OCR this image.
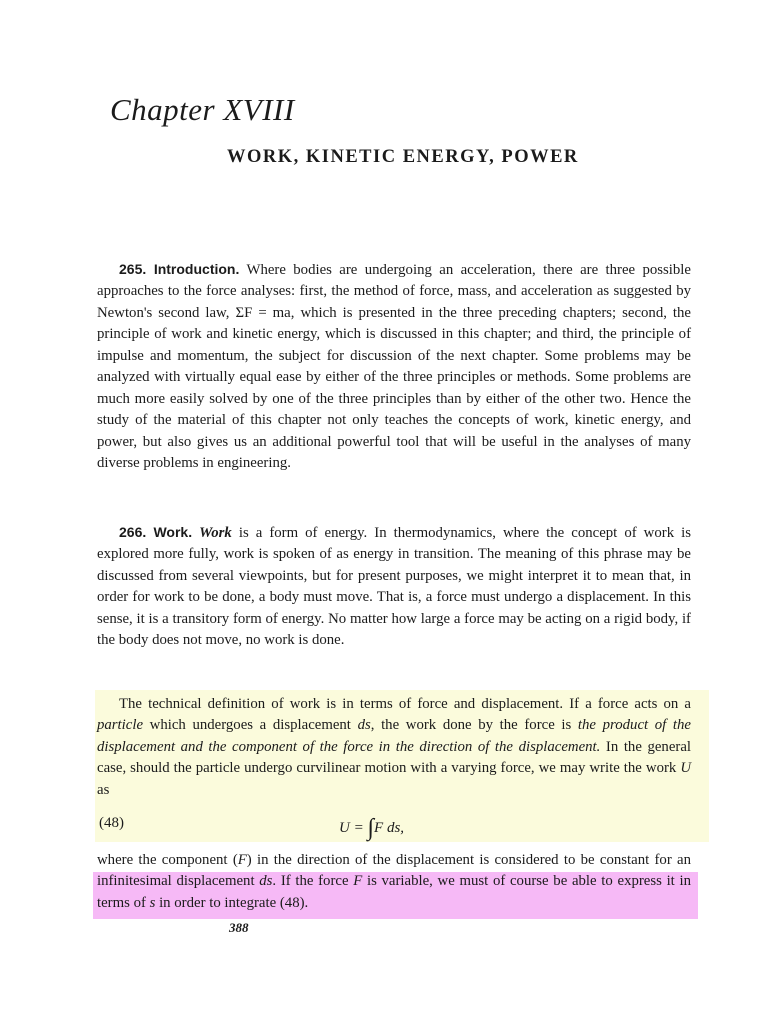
Chapter XVIII
WORK, KINETIC ENERGY, POWER

265. Introduction. Where bodies are undergoing an acceleration, there are three possible approaches to the force analyses: first, the method of force, mass, and acceleration as suggested by Newton's second law, ΣF = ma, which is presented in the three preceding chapters; second, the principle of work and kinetic energy, which is discussed in this chapter; and third, the principle of impulse and momentum, the subject for discussion of the next chapter. Some problems may be analyzed with virtually equal ease by either of the three principles or methods. Some problems are much more easily solved by one of the three principles than by either of the other two. Hence the study of the material of this chapter not only teaches the concepts of work, kinetic energy, and power, but also gives us an additional powerful tool that will be useful in the analyses of many diverse problems in engineering.

266. Work. Work is a form of energy. In thermodynamics, where the concept of work is explored more fully, work is spoken of as energy in transition. The meaning of this phrase may be discussed from several viewpoints, but for present purposes, we might interpret it to mean that, in order for work to be done, a body must move. That is, a force must undergo a displacement. In this sense, it is a transitory form of energy. No matter how large a force may be acting on a rigid body, if the body does not move, no work is done.

The technical definition of work is in terms of force and displacement. If a force acts on a particle which undergoes a displacement ds, the work done by the force is the product of the displacement and the component of the force in the direction of the displacement. In the general case, should the particle undergo curvilinear motion with a varying force, we may write the work U as

(48)	U = ∫F ds,

where the component (F) in the direction of the displacement is considered to be constant for an infinitesimal displacement ds. If the force F is variable, we must of course be able to express it in terms of s in order to integrate (48).

388
